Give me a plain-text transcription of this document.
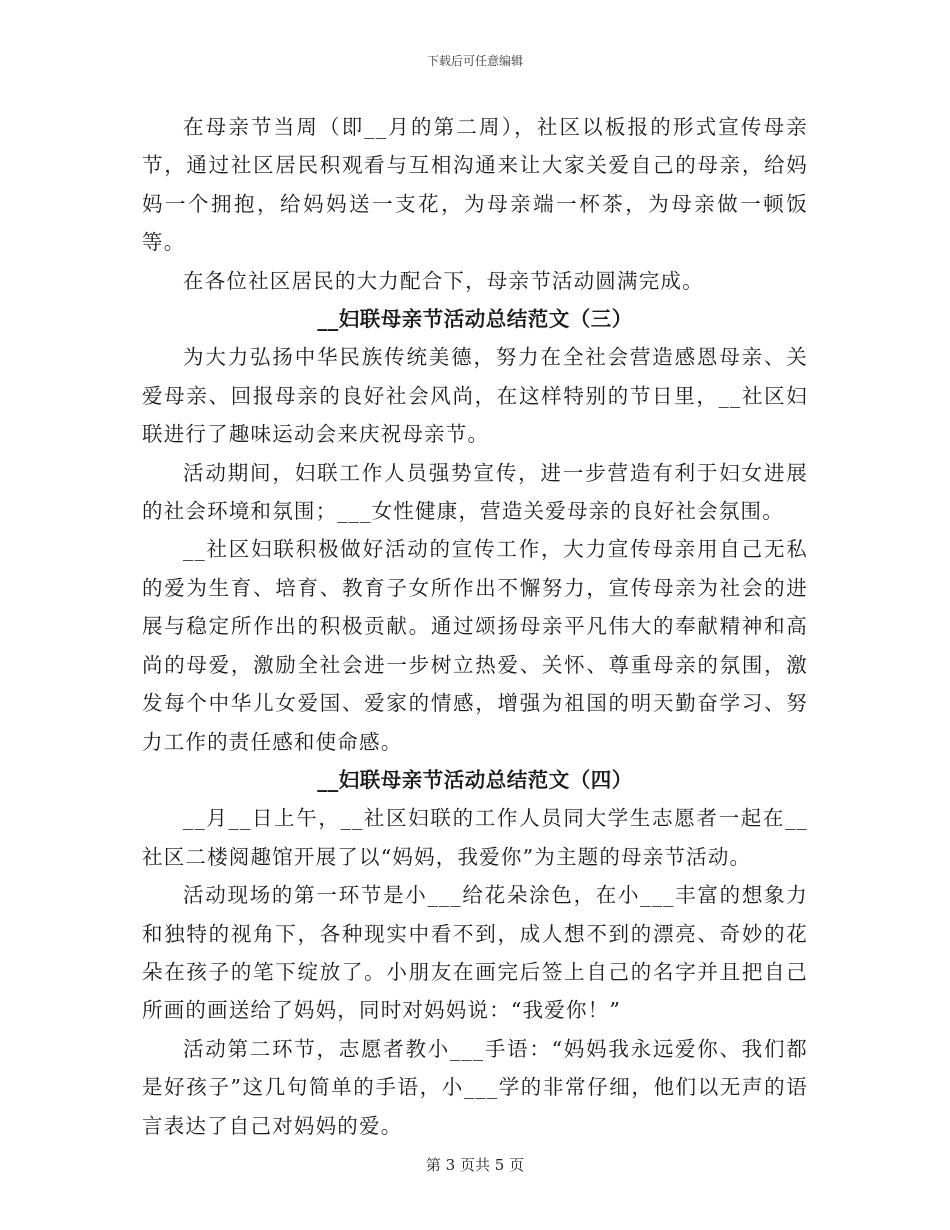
下载后可任意编辑

在母亲节当周（即__月的第二周），社区以板报的形式宣传母亲节，通过社区居民积观看与互相沟通来让大家关爱自己的母亲，给妈妈一个拥抱，给妈妈送一支花，为母亲端一杯茶，为母亲做一顿饭等。

在各位社区居民的大力配合下，母亲节活动圆满完成。

__妇联母亲节活动总结范文（三）

为大力弘扬中华民族传统美德，努力在全社会营造感恩母亲、关爱母亲、回报母亲的良好社会风尚，在这样特别的节日里，__社区妇联进行了趣味运动会来庆祝母亲节。

活动期间，妇联工作人员强势宣传，进一步营造有利于妇女进展的社会环境和氛围；___女性健康，营造关爱母亲的良好社会氛围。

__社区妇联积极做好活动的宣传工作，大力宣传母亲用自己无私的爱为生育、培育、教育子女所作出不懈努力，宣传母亲为社会的进展与稳定所作出的积极贡献。通过颂扬母亲平凡伟大的奉献精神和高尚的母爱，激励全社会进一步树立热爱、关怀、尊重母亲的氛围，激发每个中华儿女爱国、爱家的情感，增强为祖国的明天勤奋学习、努力工作的责任感和使命感。

__妇联母亲节活动总结范文（四）

__月__日上午，__社区妇联的工作人员同大学生志愿者一起在__社区二楼阅趣馆开展了以“妈妈，我爱你”为主题的母亲节活动。

活动现场的第一环节是小___给花朵涂色，在小___丰富的想象力和独特的视角下，各种现实中看不到，成人想不到的漂亮、奇妙的花朵在孩子的笔下绽放了。小朋友在画完后签上自己的名字并且把自己所画的画送给了妈妈，同时对妈妈说：“我爱你！”

活动第二环节，志愿者教小___手语：“妈妈我永远爱你、我们都是好孩子”这几句简单的手语，小___学的非常仔细，他们以无声的语言表达了自己对妈妈的爱。

第 3 页共 5 页
